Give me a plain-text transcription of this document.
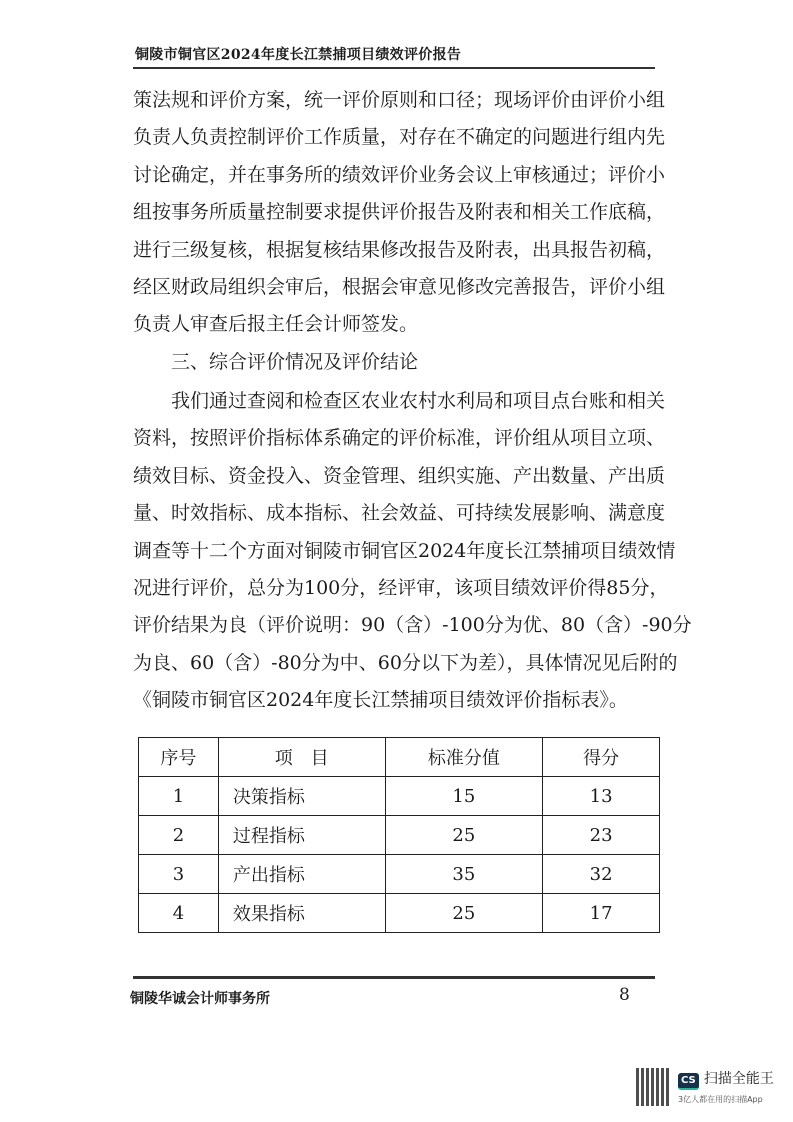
铜陵市铜官区2024年度长江禁捕项目绩效评价报告
策法规和评价方案，统一评价原则和口径；现场评价由评价小组
负责人负责控制评价工作质量，对存在不确定的问题进行组内先
讨论确定，并在事务所的绩效评价业务会议上审核通过；评价小
组按事务所质量控制要求提供评价报告及附表和相关工作底稿，
进行三级复核，根据复核结果修改报告及附表，出具报告初稿，
经区财政局组织会审后，根据会审意见修改完善报告，评价小组
负责人审查后报主任会计师签发。
三、综合评价情况及评价结论
我们通过查阅和检查区农业农村水利局和项目点台账和相关
资料，按照评价指标体系确定的评价标准，评价组从项目立项、
绩效目标、资金投入、资金管理、组织实施、产出数量、产出质
量、时效指标、成本指标、社会效益、可持续发展影响、满意度
调查等十二个方面对铜陵市铜官区2024年度长江禁捕项目绩效情
况进行评价，总分为100分，经评审，该项目绩效评价得85分，
评价结果为良（评价说明：90（含）-100分为优、80（含）-90分
为良、60（含）-80分为中、60分以下为差），具体情况见后附的
《铜陵市铜官区2024年度长江禁捕项目绩效评价指标表》。
序号	项　目	标准分值	得分
1	决策指标	15	13
2	过程指标	25	23
3	产出指标	35	32
4	效果指标	25	17
铜陵华诚会计师事务所	8
CS 扫描全能王
3亿人都在用的扫描App
